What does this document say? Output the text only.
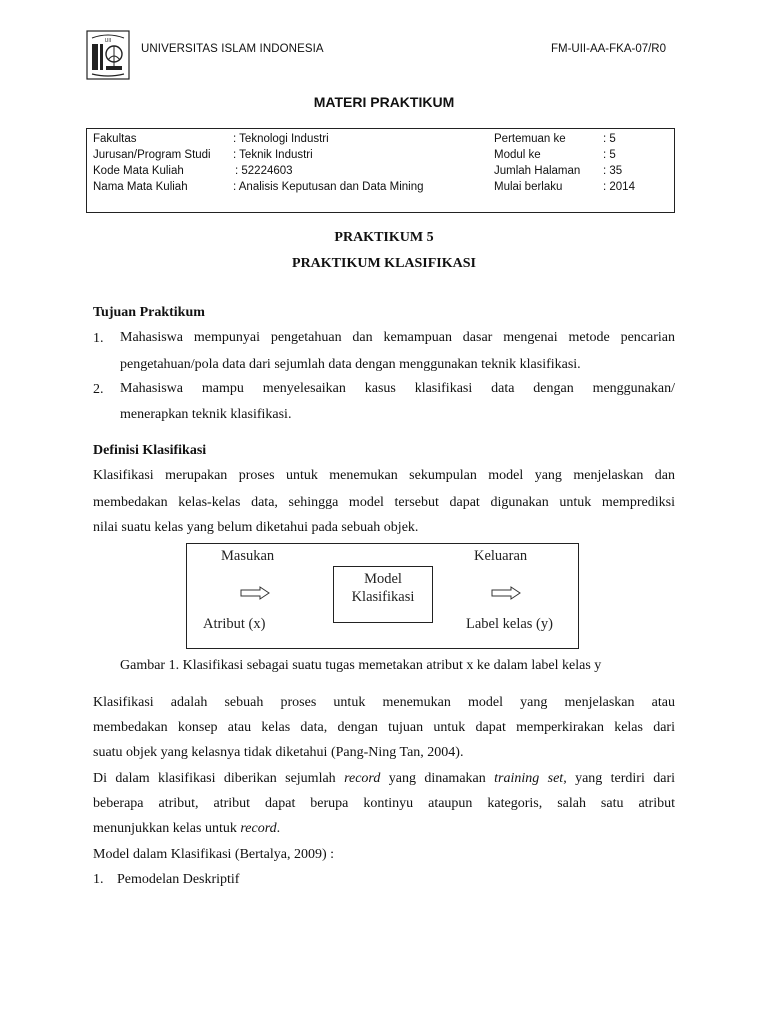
UII
UNIVERSITAS ISLAM INDONESIA	FM-UII-AA-FKA-07/R0
MATERI PRAKTIKUM
Fakultas	: Teknologi Industri
Jurusan/Program Studi : Teknik Industri
Kode Mata Kuliah	: 52224603
Nama Mata Kuliah	: Analisis Keputusan dan Data Mining
Pertemuan ke	: 5
Modul ke	: 5
Jumlah Halaman : 35
Mulai berlaku	: 2014
PRAKTIKUM 5
PRAKTIKUM KLASIFIKASI
Tujuan Praktikum
1. Mahasiswa mempunyai pengetahuan dan kemampuan dasar mengenai metode pencarian
pengetahuan/pola data dari sejumlah data dengan menggunakan teknik klasifikasi.
2. Mahasiswa mampu menyelesaikan kasus klasifikasi data dengan menggunakan/
menerapkan teknik klasifikasi.
Definisi Klasifikasi
Klasifikasi merupakan proses untuk menemukan sekumpulan model yang menjelaskan dan
membedakan kelas-kelas data, sehingga model tersebut dapat digunakan untuk memprediksi
nilai suatu kelas yang belum diketahui pada sebuah objek.
Masukan	Keluaran
Model
Klasifikasi
Atribut (x)	Label kelas (y)
Gambar 1. Klasifikasi sebagai suatu tugas memetakan atribut x ke dalam label kelas y
Klasifikasi adalah sebuah proses untuk menemukan model yang menjelaskan atau
membedakan konsep atau kelas data, dengan tujuan untuk dapat memperkirakan kelas dari
suatu objek yang kelasnya tidak diketahui (Pang-Ning Tan, 2004).
Di dalam klasifikasi diberikan sejumlah record yang dinamakan training set, yang terdiri dari
beberapa atribut, atribut dapat berupa kontinyu ataupun kategoris, salah satu atribut
menunjukkan kelas untuk record.
Model dalam Klasifikasi (Bertalya, 2009) :
1. Pemodelan Deskriptif
